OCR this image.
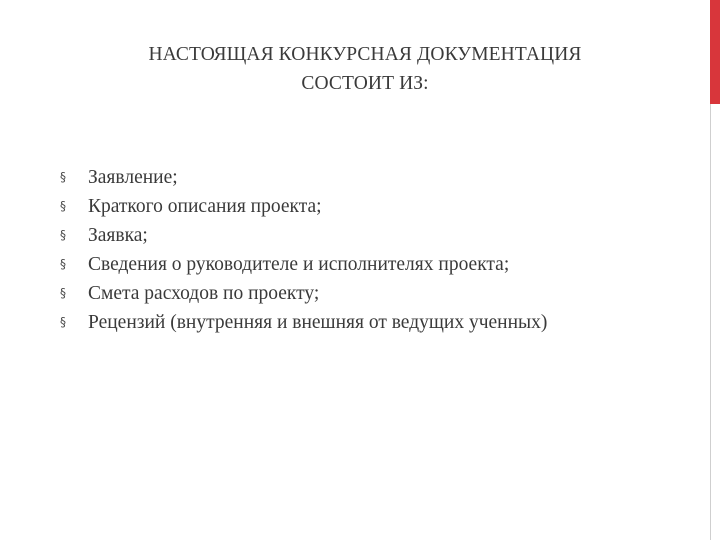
НАСТОЯЩАЯ КОНКУРСНАЯ ДОКУМЕНТАЦИЯ
СОСТОИТ ИЗ:
§	Заявление;
§	Краткого описания проекта;
§	Заявка;
§	Сведения о руководителе и исполнителях проекта;
§	Смета расходов по проекту;
§	Рецензий (внутренняя и внешняя от ведущих ученных)
